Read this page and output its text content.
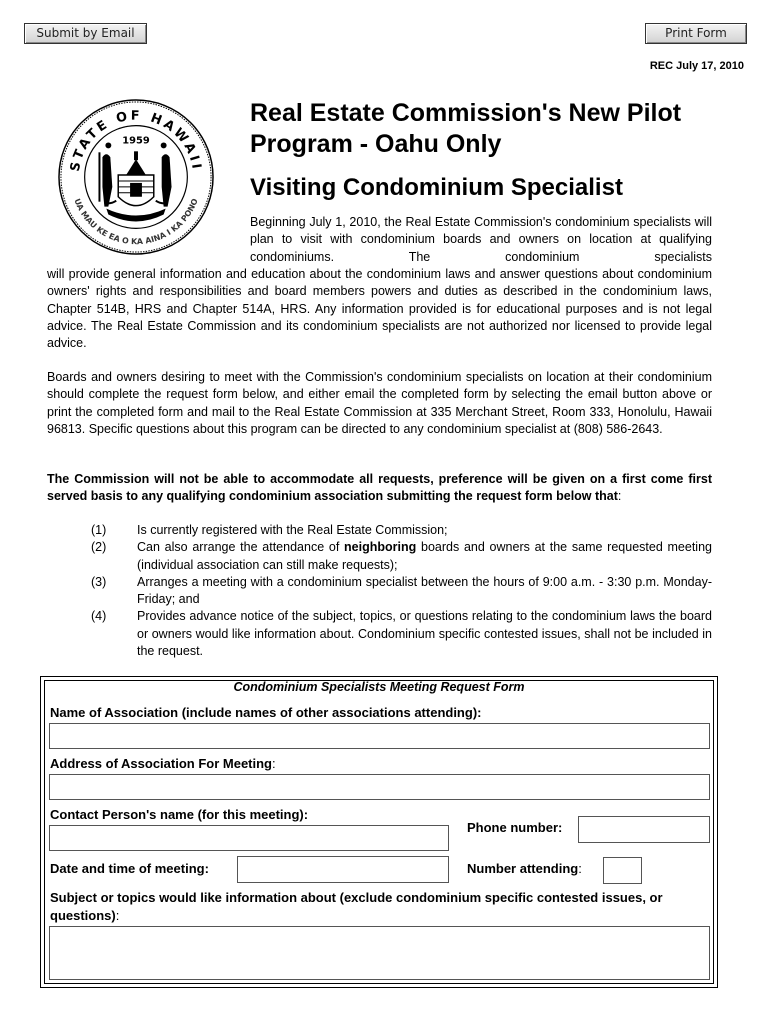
Submit by Email	Print Form
REC July 17, 2010
STATE OF HAWAII
UA MAU KE EA O KA AINA I KA PONO
1959
Real Estate Commission's New Pilot
Program - Oahu Only
Visiting Condominium Specialist

Beginning July 1, 2010, the Real Estate Commission's condominium specialists will plan to visit with condominium boards and owners on location at qualifying condominiums. The condominium specialists

will provide general information and education about the condominium laws and answer questions about condominium owners' rights and responsibilities and board members powers and duties as described in the condominium laws, Chapter 514B, HRS and Chapter 514A, HRS. Any information provided is for educational purposes and is not legal advice. The Real Estate Commission and its condominium specialists are not authorized nor licensed to provide legal advice.

Boards and owners desiring to meet with the Commission's condominium specialists on location at their condominium should complete the request form below, and either email the completed form by selecting the email button above or print the completed form and mail to the Real Estate Commission at 335 Merchant Street, Room 333, Honolulu, Hawaii 96813. Specific questions about this program can be directed to any condominium specialist at (808) 586-2643.

The Commission will not be able to accommodate all requests, preference will be given on a first come first served basis to any qualifying condominium association submitting the request form below that:

(1)	Is currently registered with the Real Estate Commission;
(2)	Can also arrange the attendance of neighboring boards and owners at the same requested meeting (individual association can still make requests);
(3)	Arranges a meeting with a condominium specialist between the hours of 9:00 a.m. - 3:30 p.m. Monday-Friday; and
(4)	Provides advance notice of the subject, topics, or questions relating to the condominium laws the board or owners would like information about. Condominium specific contested issues, shall not be included in the request.
Condominium Specialists Meeting Request Form
Name of Association (include names of other associations attending):
Address of Association For Meeting:
Contact Person's name (for this meeting):
Phone number:
Date and time of meeting:	Number attending:
Subject or topics would like information about (exclude condominium specific contested issues, or questions):
